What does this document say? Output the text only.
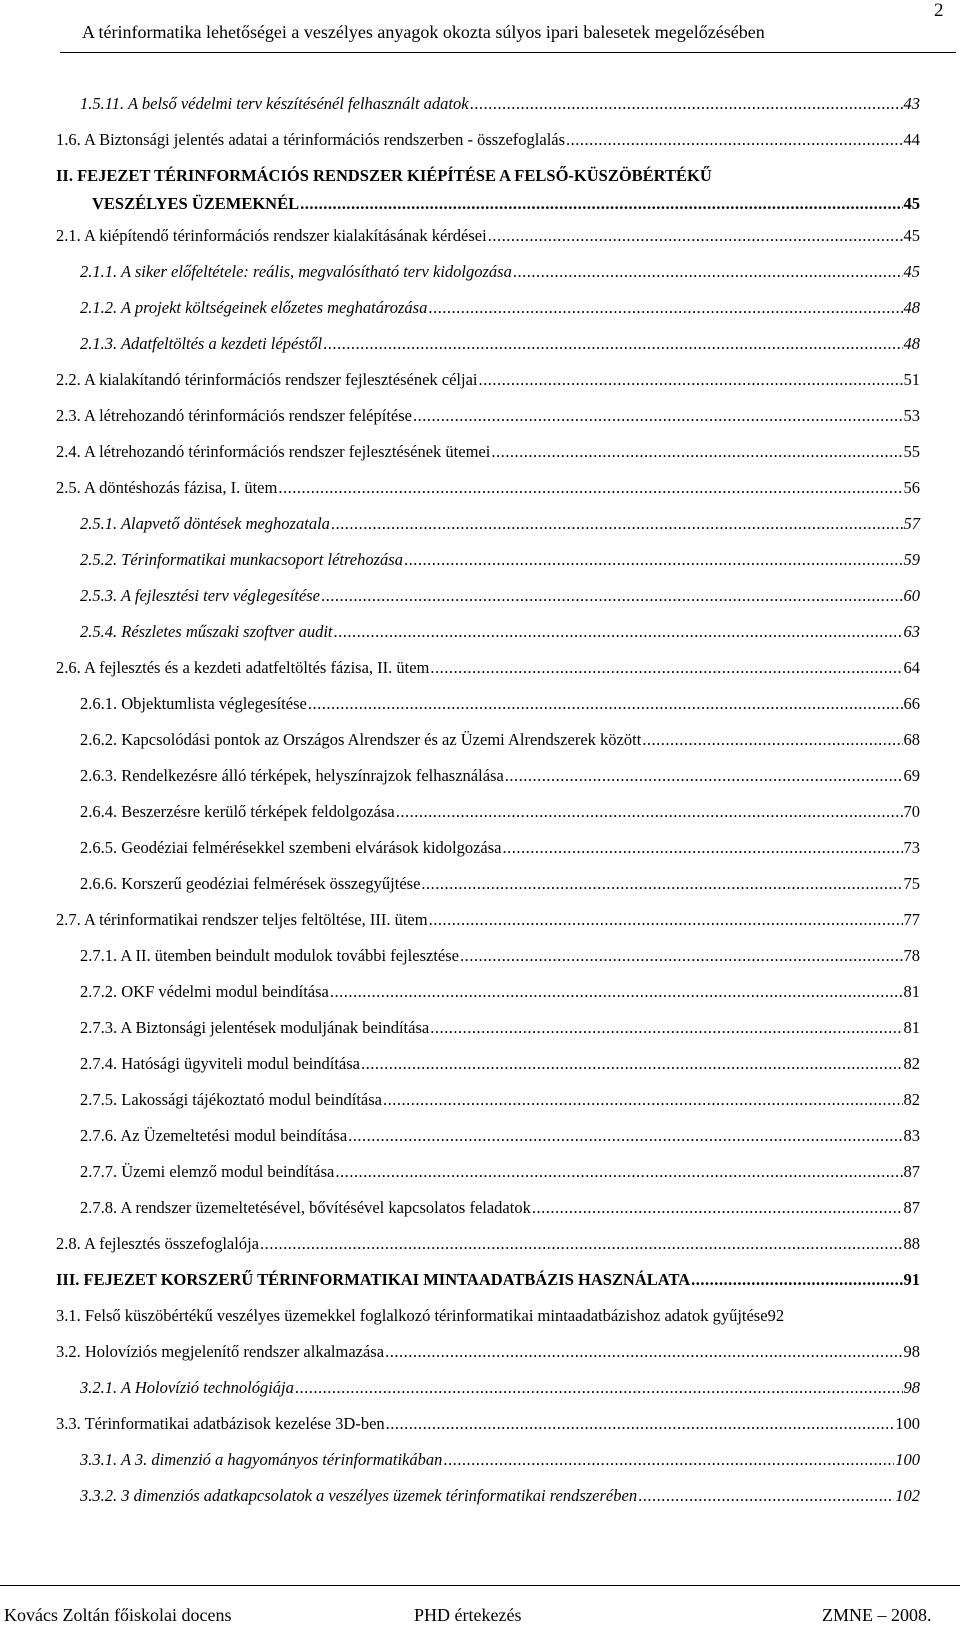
A térinformatika lehetőségei a veszélyes anyagok okozta súlyos ipari balesetek megelőzésében
2
1.5.11. A belső védelmi terv készítésénél felhasznált adatok .....	43
1.6. A Biztonsági jelentés adatai a térinformációs rendszerben - összefoglalás .....	44
II. FEJEZET TÉRINFORMÁCIÓS RENDSZER KIÉPÍTÉSE A FELSŐ-KÜSZÖBÉRTÉKŰ
VESZÉLYES ÜZEMEKNÉL .....	45
2.1. A kiépítendő térinformációs rendszer kialakításának kérdései .....	45
2.1.1. A siker előfeltétele: reális, megvalósítható terv kidolgozása .....	45
2.1.2. A projekt költségeinek előzetes meghatározása .....	48
2.1.3. Adatfeltöltés a kezdeti lépéstől .....	48
2.2. A kialakítandó térinformációs rendszer fejlesztésének céljai .....	51
2.3. A létrehozandó térinformációs rendszer felépítése .....	53
2.4. A létrehozandó térinformációs rendszer fejlesztésének ütemei .....	55
2.5. A döntéshozás fázisa, I. ütem .....	56
2.5.1. Alapvető döntések meghozatala .....	57
2.5.2. Térinformatikai munkacsoport létrehozása .....	59
2.5.3. A fejlesztési terv véglegesítése .....	60
2.5.4. Részletes műszaki szoftver audit .....	63
2.6. A fejlesztés és a kezdeti adatfeltöltés fázisa, II. ütem .....	64
2.6.1. Objektumlista véglegesítése .....	66
2.6.2. Kapcsolódási pontok az Országos Alrendszer és az Üzemi Alrendszerek között .....	68
2.6.3. Rendelkezésre álló térképek, helyszínrajzok felhasználása .....	69
2.6.4. Beszerzésre kerülő térképek feldolgozása .....	70
2.6.5. Geodéziai felmérésekkel szembeni elvárások kidolgozása .....	73
2.6.6. Korszerű geodéziai felmérések összegyűjtése .....	75
2.7. A térinformatikai rendszer teljes feltöltése, III. ütem .....	77
2.7.1. A II. ütemben beindult modulok további fejlesztése .....	78
2.7.2. OKF védelmi modul beindítása .....	81
2.7.3. A Biztonsági jelentések moduljának beindítása .....	81
2.7.4. Hatósági ügyviteli modul beindítása .....	82
2.7.5. Lakossági tájékoztató modul beindítása .....	82
2.7.6. Az Üzemeltetési modul beindítása .....	83
2.7.7. Üzemi elemző modul beindítása .....	87
2.7.8. A rendszer üzemeltetésével, bővítésével kapcsolatos feladatok .....	87
2.8. A fejlesztés összefoglalója .....	88
III. FEJEZET KORSZERŰ TÉRINFORMATIKAI MINTAADATBÁZIS HASZNÁLATA .....	91
3.1. Felső küszöbértékű veszélyes üzemekkel foglalkozó térinformatikai mintaadatbázishoz adatok gyűjtése 92
3.2. Holovíziós megjelenítő rendszer alkalmazása .....	98
3.2.1. A Holovízió technológiája .....	98
3.3. Térinformatikai adatbázisok kezelése 3D-ben .....	100
3.3.1. A 3. dimenzió a hagyományos térinformatikában .....	100
3.3.2. 3 dimenziós adatkapcsolatok a veszélyes üzemek térinformatikai rendszerében .....	102
Kovács Zoltán főiskolai docens	PHD értekezés	ZMNE – 2008.
